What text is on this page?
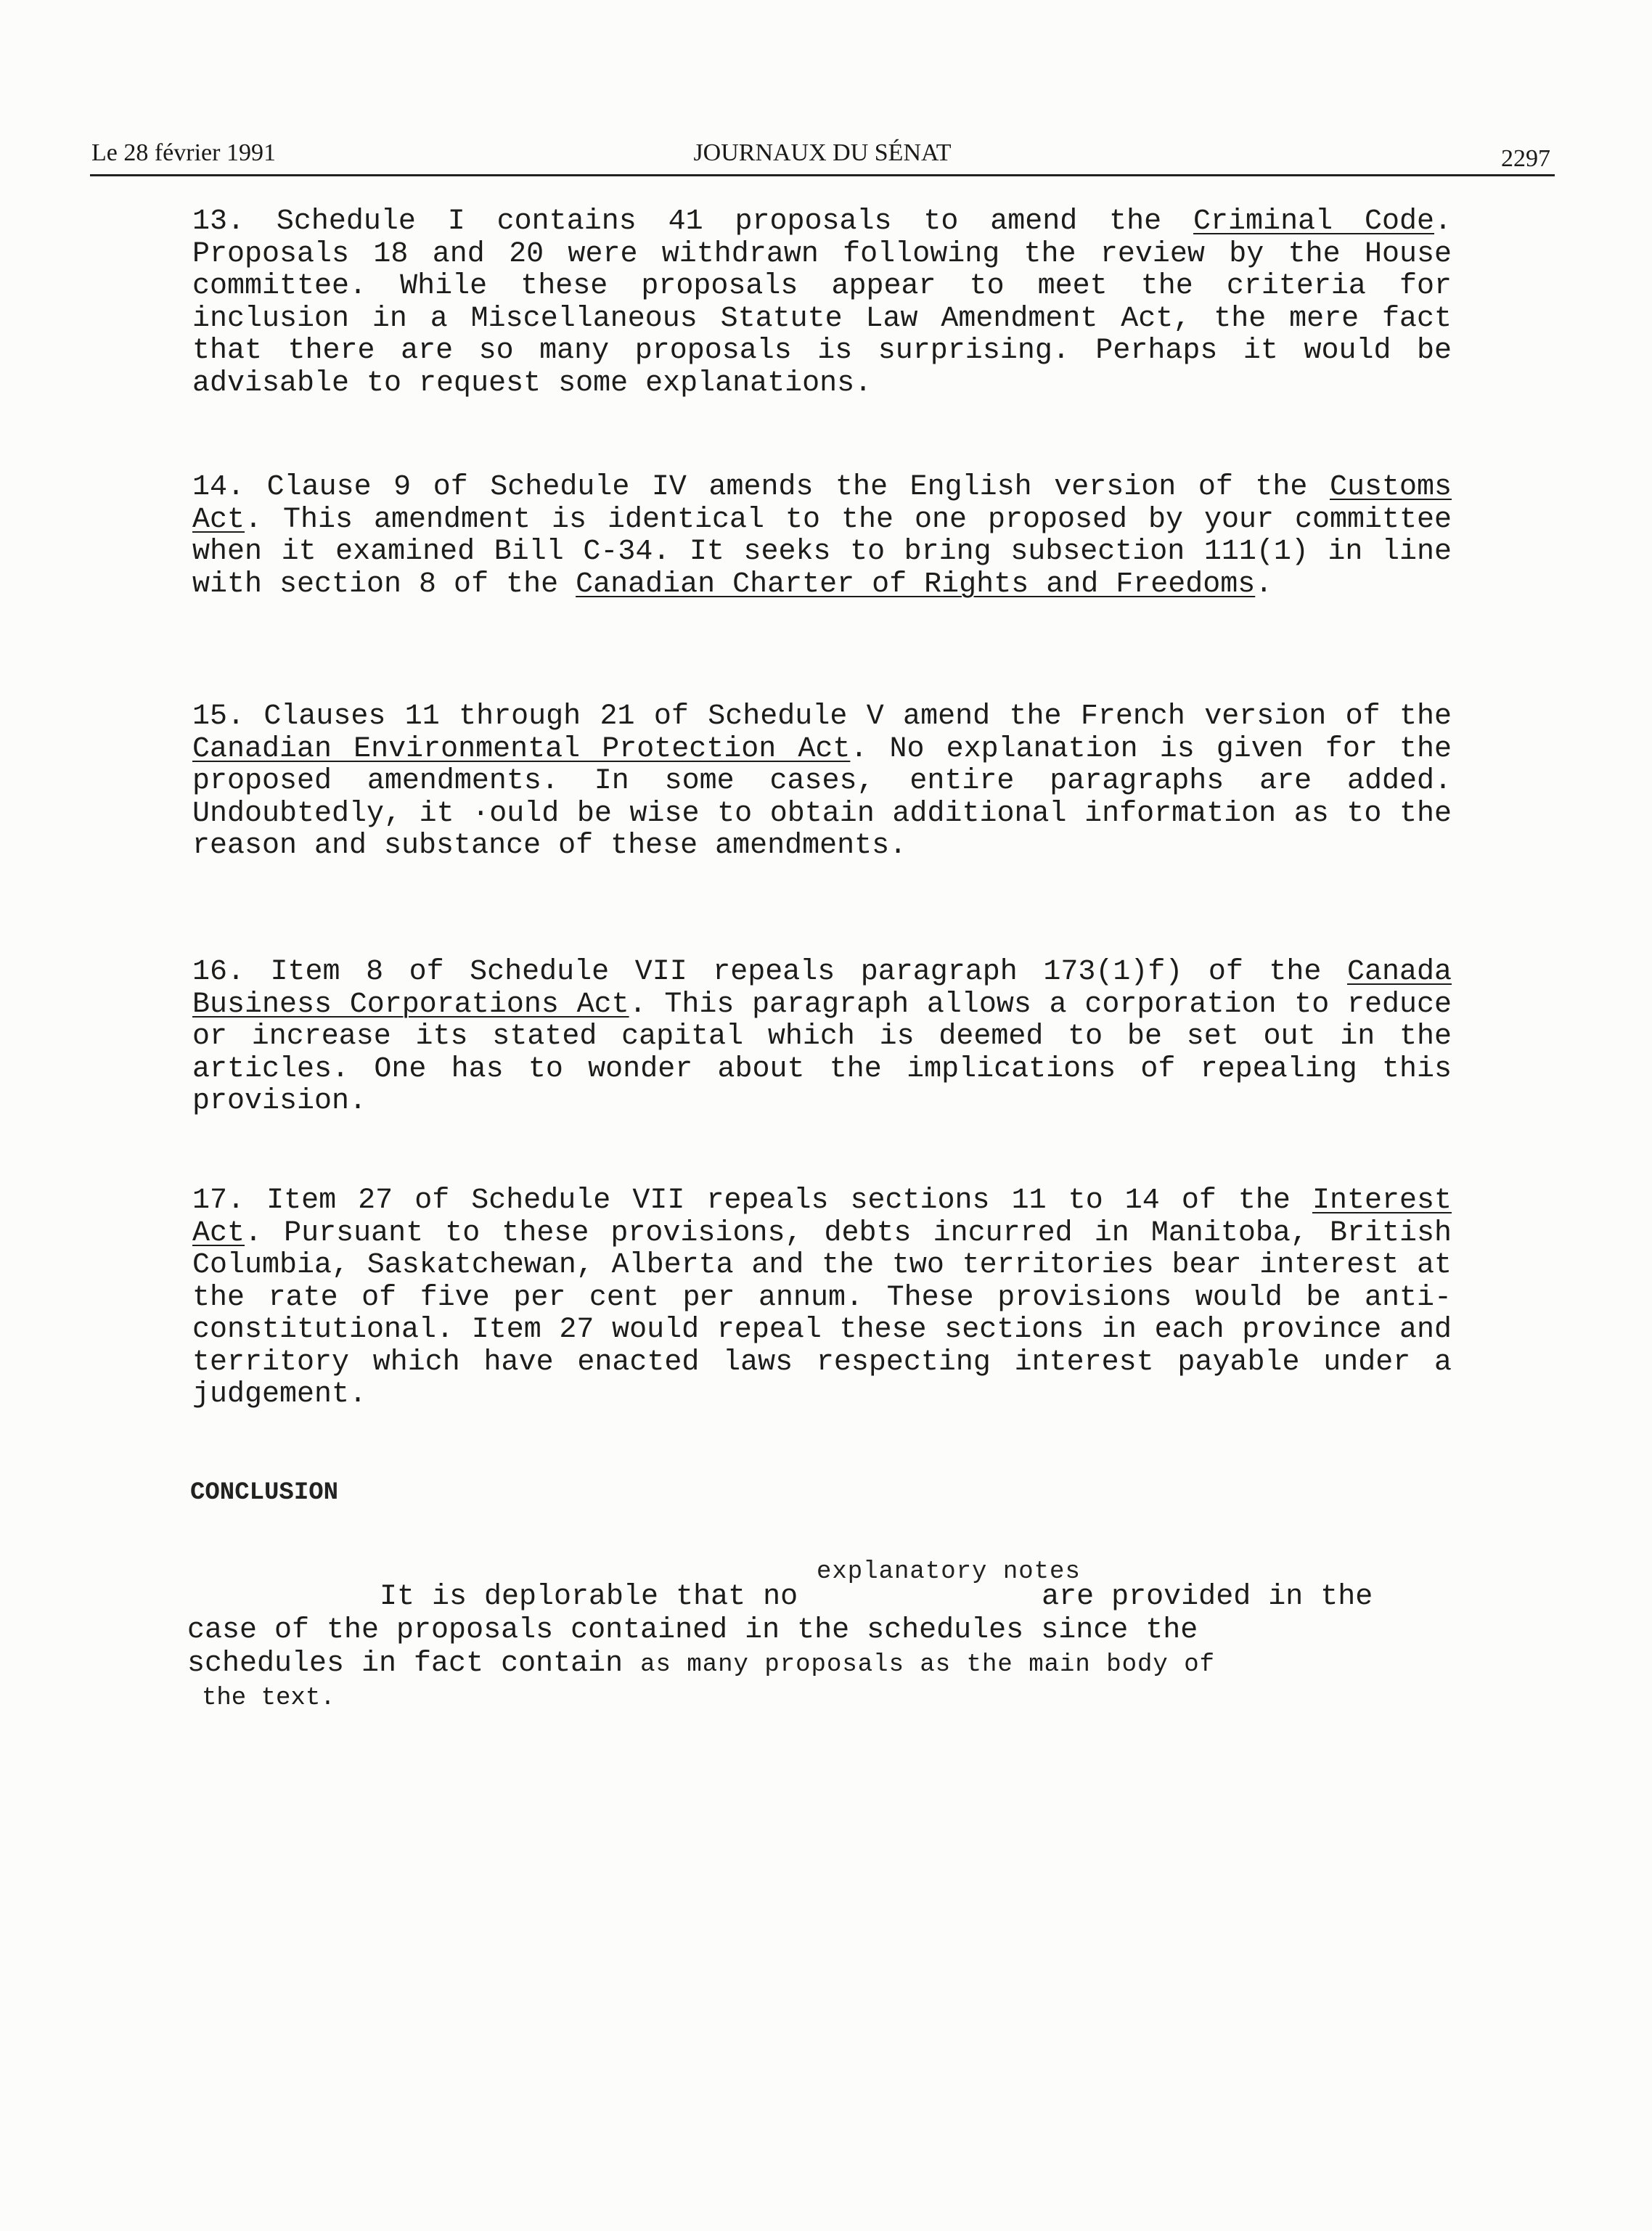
Le 28 février 1991	JOURNAUX DU SÉNAT	2297
13. Schedule I contains 41 proposals to amend the Criminal Code. Proposals 18 and 20 were withdrawn following the review by the House committee. While these proposals appear to meet the criteria for inclusion in a Miscellaneous Statute Law Amendment Act, the mere fact that there are so many proposals is surprising. Perhaps it would be advisable to request some explanations.
14. Clause 9 of Schedule IV amends the English version of the Customs Act. This amendment is identical to the one proposed by your committee when it examined Bill C-34. It seeks to bring subsection 111(1) in line with section 8 of the Canadian Charter of Rights and Freedoms.
15. Clauses 11 through 21 of Schedule V amend the French version of the Canadian Environmental Protection Act. No explanation is given for the proposed amendments. In some cases, entire paragraphs are added. Undoubtedly, it ·ould be wise to obtain additional information as to the reason and substance of these amendments.
16. Item 8 of Schedule VII repeals paragraph 173(1)f) of the Canada Business Corporations Act. This paragraph allows a corporation to reduce or increase its stated capital which is deemed to be set out in the articles. One has to wonder about the implications of repealing this provision.
17. Item 27 of Schedule VII repeals sections 11 to 14 of the Interest Act. Pursuant to these provisions, debts incurred in Manitoba, British Columbia, Saskatchewan, Alberta and the two territories bear interest at the rate of five per cent per annum. These provisions would be anti-constitutional. Item 27 would repeal these sections in each province and territory which have enacted laws respecting interest payable under a judgement.
CONCLUSION
explanatory notes
It is deplorable that no              are provided in the
case of the proposals contained in the schedules since the
schedules in fact contain as many proposals as the main body of
the text.
